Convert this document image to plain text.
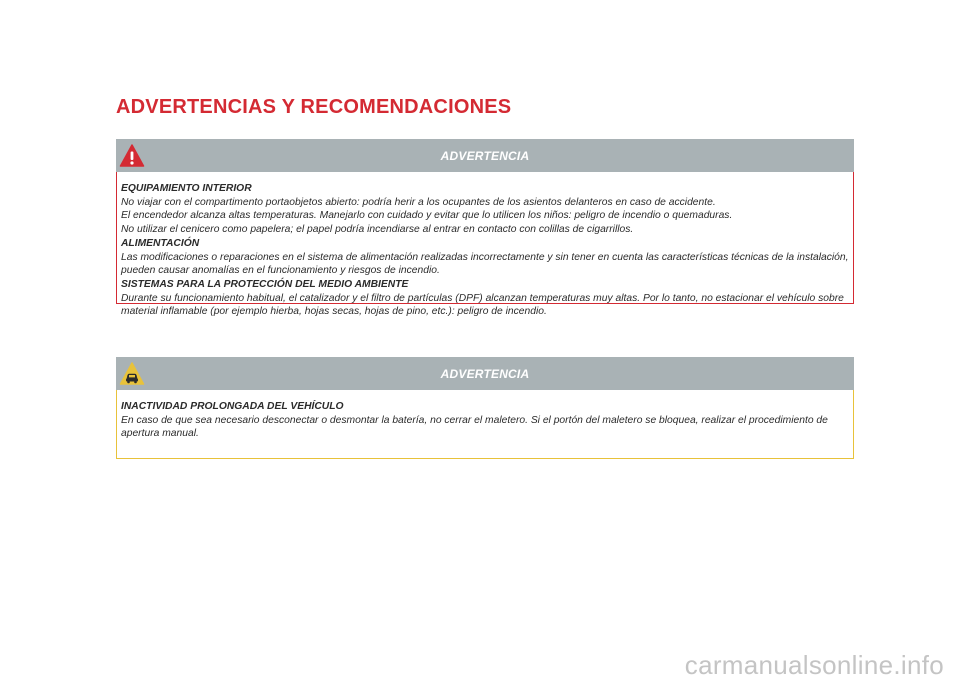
ADVERTENCIAS Y RECOMENDACIONES
ADVERTENCIA
EQUIPAMIENTO INTERIOR
No viajar con el compartimento portaobjetos abierto: podría herir a los ocupantes de los asientos delanteros en caso de accidente.
El encendedor alcanza altas temperaturas. Manejarlo con cuidado y evitar que lo utilicen los niños: peligro de incendio o quemaduras.
No utilizar el cenicero como papelera; el papel podría incendiarse al entrar en contacto con colillas de cigarrillos.
ALIMENTACIÓN
Las modificaciones o reparaciones en el sistema de alimentación realizadas incorrectamente y sin tener en cuenta las características técnicas de la instalación, pueden causar anomalías en el funcionamiento y riesgos de incendio.
SISTEMAS PARA LA PROTECCIÓN DEL MEDIO AMBIENTE
Durante su funcionamiento habitual, el catalizador y el filtro de partículas (DPF) alcanzan temperaturas muy altas. Por lo tanto, no estacionar el vehículo sobre material inflamable (por ejemplo hierba, hojas secas, hojas de pino, etc.): peligro de incendio.
ADVERTENCIA
INACTIVIDAD PROLONGADA DEL VEHÍCULO
En caso de que sea necesario desconectar o desmontar la batería, no cerrar el maletero. Si el portón del maletero se bloquea, realizar el procedimiento de apertura manual.
carmanualsonline.info
